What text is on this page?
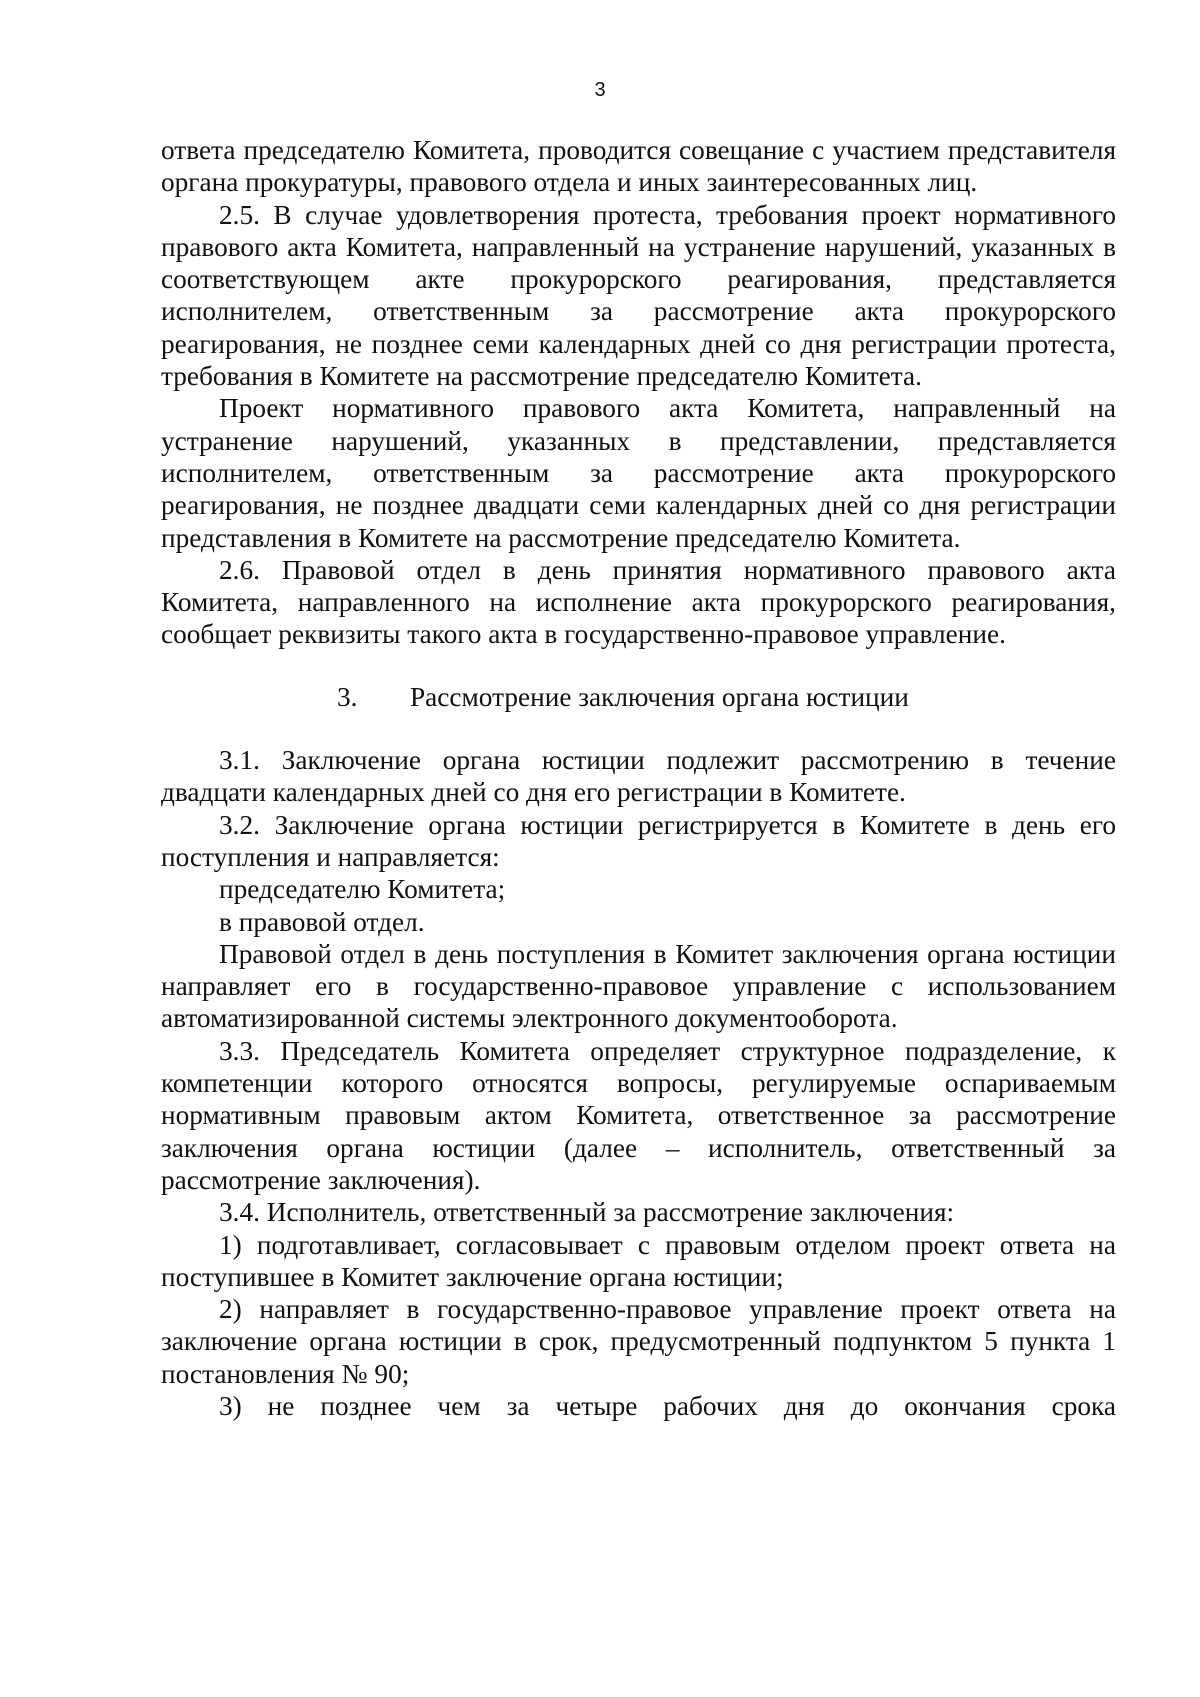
3

ответа председателю Комитета, проводится совещание с участием представителя органа прокуратуры, правового отдела и иных заинтересованных лиц.

2.5. В случае удовлетворения протеста, требования проект нормативного правового акта Комитета, направленный на устранение нарушений, указанных в соответствующем акте прокурорского реагирования, представляется исполнителем, ответственным за рассмотрение акта прокурорского реагирования, не позднее семи календарных дней со дня регистрации протеста, требования в Комитете на рассмотрение председателю Комитета.

Проект нормативного правового акта Комитета, направленный на устранение нарушений, указанных в представлении, представляется исполнителем, ответственным за рассмотрение акта прокурорского реагирования, не позднее двадцати семи календарных дней со дня регистрации представления в Комитете на рассмотрение председателю Комитета.

2.6. Правовой отдел в день принятия нормативного правового акта Комитета, направленного на исполнение акта прокурорского реагирования, сообщает реквизиты такого акта в государственно-правовое управление.

3. Рассмотрение заключения органа юстиции

3.1. Заключение органа юстиции подлежит рассмотрению в течение двадцати календарных дней со дня его регистрации в Комитете.

3.2. Заключение органа юстиции регистрируется в Комитете в день его поступления и направляется:

председателю Комитета;

в правовой отдел.

Правовой отдел в день поступления в Комитет заключения органа юстиции направляет его в государственно-правовое управление с использованием автоматизированной системы электронного документооборота.

3.3. Председатель Комитета определяет структурное подразделение, к компетенции которого относятся вопросы, регулируемые оспариваемым нормативным правовым актом Комитета, ответственное за рассмотрение заключения органа юстиции (далее – исполнитель, ответственный за рассмотрение заключения).

3.4. Исполнитель, ответственный за рассмотрение заключения:

1) подготавливает, согласовывает с правовым отделом проект ответа на поступившее в Комитет заключение органа юстиции;

2) направляет в государственно-правовое управление проект ответа на заключение органа юстиции в срок, предусмотренный подпунктом 5 пункта 1 постановления № 90;

3) не позднее чем за четыре рабочих дня до окончания срока
